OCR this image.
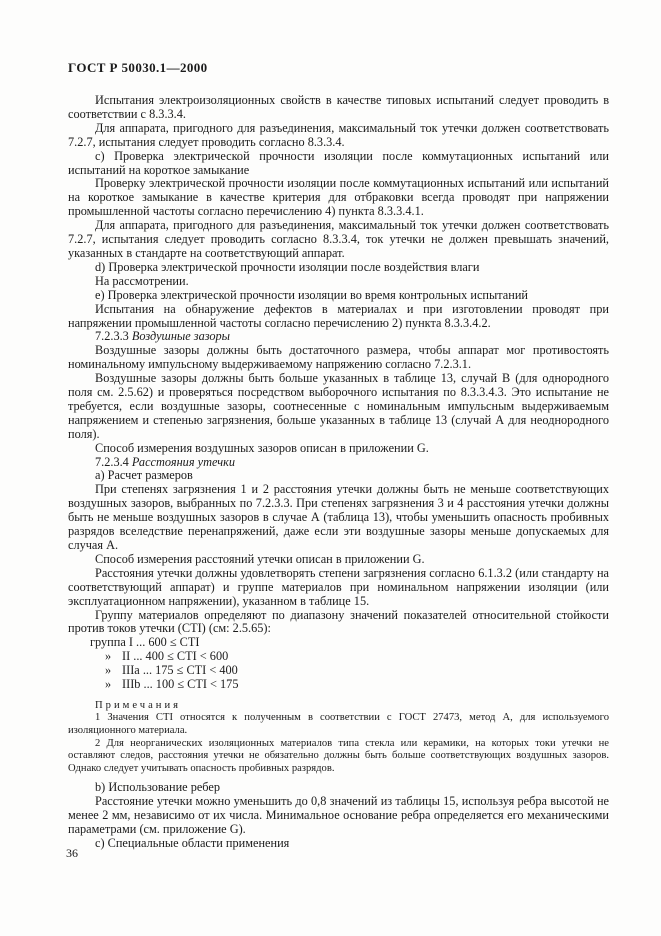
ГОСТ Р 50030.1—2000

Испытания электроизоляционных свойств в качестве типовых испытаний следует проводить в соответствии с 8.3.3.4.

Для аппарата, пригодного для разъединения, максимальный ток утечки должен соответствовать 7.2.7, испытания следует проводить согласно 8.3.3.4.

c) Проверка электрической прочности изоляции после коммутационных испытаний или испытаний на короткое замыкание

Проверку электрической прочности изоляции после коммутационных испытаний или испытаний на короткое замыкание в качестве критерия для отбраковки всегда проводят при напряжении промышленной частоты согласно перечислению 4) пункта 8.3.3.4.1.

Для аппарата, пригодного для разъединения, максимальный ток утечки должен соответствовать 7.2.7, испытания следует проводить согласно 8.3.3.4, ток утечки не должен превышать значений, указанных в стандарте на соответствующий аппарат.

d) Проверка электрической прочности изоляции после воздействия влаги

На рассмотрении.

e) Проверка электрической прочности изоляции во время контрольных испытаний

Испытания на обнаружение дефектов в материалах и при изготовлении проводят при напряжении промышленной частоты согласно перечислению 2) пункта 8.3.3.4.2.

7.2.3.3 Воздушные зазоры

Воздушные зазоры должны быть достаточного размера, чтобы аппарат мог противостоять номинальному импульсному выдерживаемому напряжению согласно 7.2.3.1.

Воздушные зазоры должны быть больше указанных в таблице 13, случай В (для однородного поля см. 2.5.62) и проверяться посредством выборочного испытания по 8.3.3.4.3. Это испытание не требуется, если воздушные зазоры, соотнесенные с номинальным импульсным выдерживаемым напряжением и степенью загрязнения, больше указанных в таблице 13 (случай А для неоднородного поля).

Способ измерения воздушных зазоров описан в приложении G.

7.2.3.4 Расстояния утечки

a) Расчет размеров

При степенях загрязнения 1 и 2 расстояния утечки должны быть не меньше соответствующих воздушных зазоров, выбранных по 7.2.3.3. При степенях загрязнения 3 и 4 расстояния утечки должны быть не меньше воздушных зазоров в случае А (таблица 13), чтобы уменьшить опасность пробивных разрядов вселедствие перенапряжений, даже если эти воздушные зазоры меньше допускаемых для случая А.

Способ измерения расстояний утечки описан в приложении G.

Расстояния утечки должны удовлетворять степени загрязнения согласно 6.1.3.2 (или стандарту на соответствующий аппарат) и группе материалов при номинальном напряжении изоляции (или эксплуатационном напряжении), указанном в таблице 15.

Группу материалов определяют по диапазону значений показателей относительной стойкости против токов утечки (CTI) (см: 2.5.65):

группа I ... 600 ≤ CTI
» II ... 400 ≤ CTI < 600
» IIIa ... 175 ≤ CTI < 400
» IIIb ... 100 ≤ CTI < 175

Примечания

1 Значения CTI относятся к полученным в соответствии с ГОСТ 27473, метод А, для используемого изоляционного материала.

2 Для неорганических изоляционных материалов типа стекла или керамики, на которых токи утечки не оставляют следов, расстояния утечки не обязательно должны быть больше соответствующих воздушных зазоров. Однако следует учитывать опасность пробивных разрядов.

b) Использование ребер

Расстояние утечки можно уменьшить до 0,8 значений из таблицы 15, используя ребра высотой не менее 2 мм, независимо от их числа. Минимальное основание ребра определяется его механическими параметрами (см. приложение G).

c) Специальные области применения

36
